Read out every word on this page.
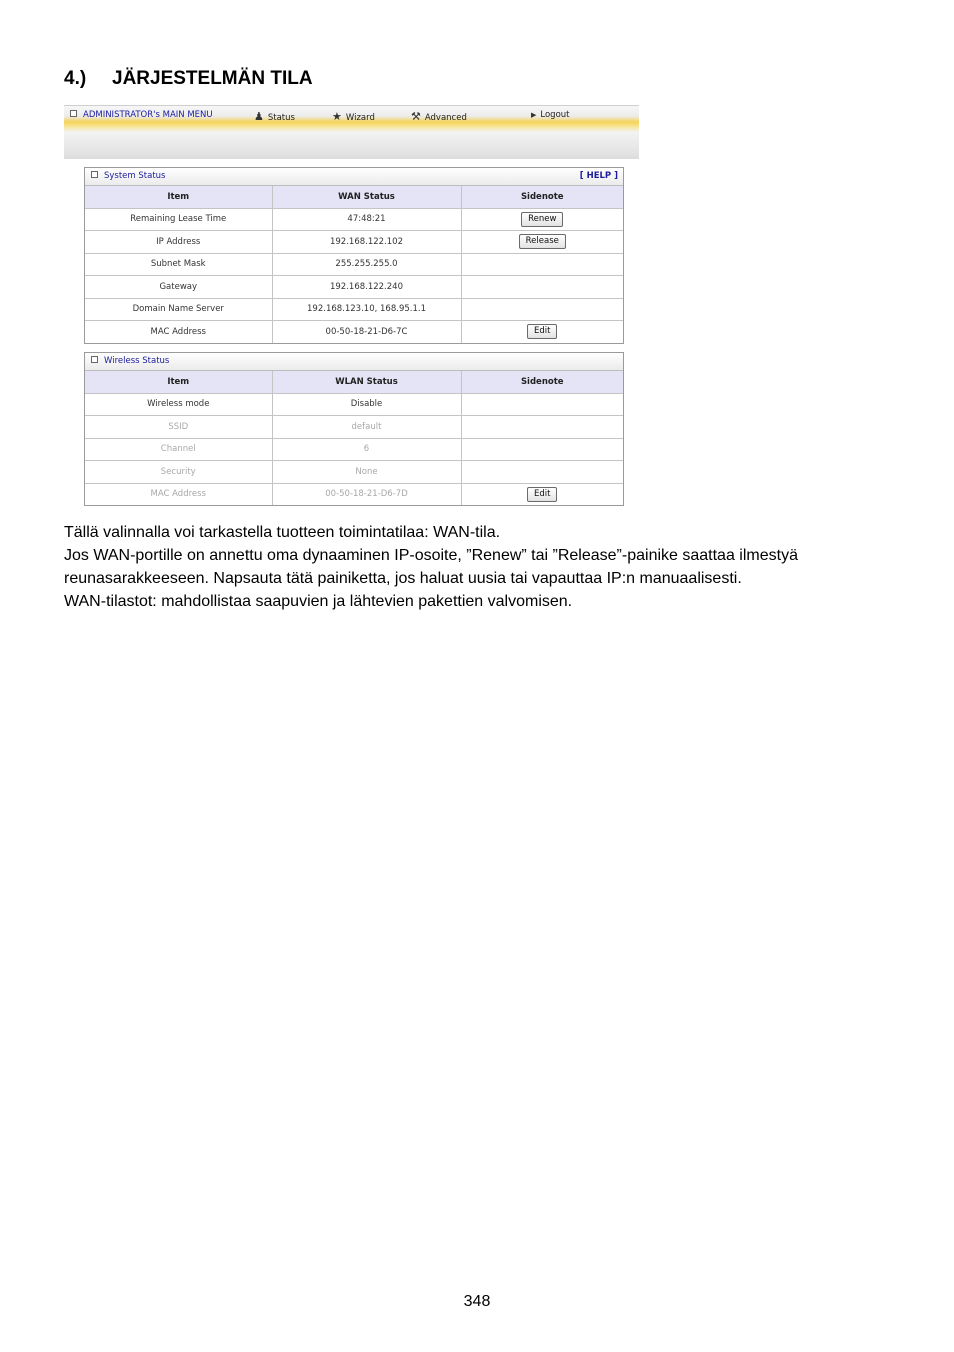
4.) JÄRJESTELMÄN TILA
ADMINISTRATOR's MAIN MENU	♟ Status	★ Wizard	⚒ Advanced	▶ Logout
System Status	[ HELP ]
Item	WAN Status	Sidenote
Remaining Lease Time	47:48:21	Renew
IP Address	192.168.122.102	Release
Subnet Mask	255.255.255.0	
Gateway	192.168.122.240	
Domain Name Server	192.168.123.10, 168.95.1.1	
MAC Address	00-50-18-21-D6-7C	Edit
Wireless Status
Item	WLAN Status	Sidenote
Wireless mode	Disable	
SSID	default	
Channel	6	
Security	None	
MAC Address	00-50-18-21-D6-7D	Edit

Tällä valinnalla voi tarkastella tuotteen toimintatilaa: WAN-tila.

Jos WAN-portille on annettu oma dynaaminen IP-osoite, ”Renew” tai ”Release”-painike saattaa ilmestyä reunasarakkeeseen. Napsauta tätä painiketta, jos haluat uusia tai vapauttaa IP:n manuaalisesti.

WAN-tilastot: mahdollistaa saapuvien ja lähtevien pakettien valvomisen.

348
